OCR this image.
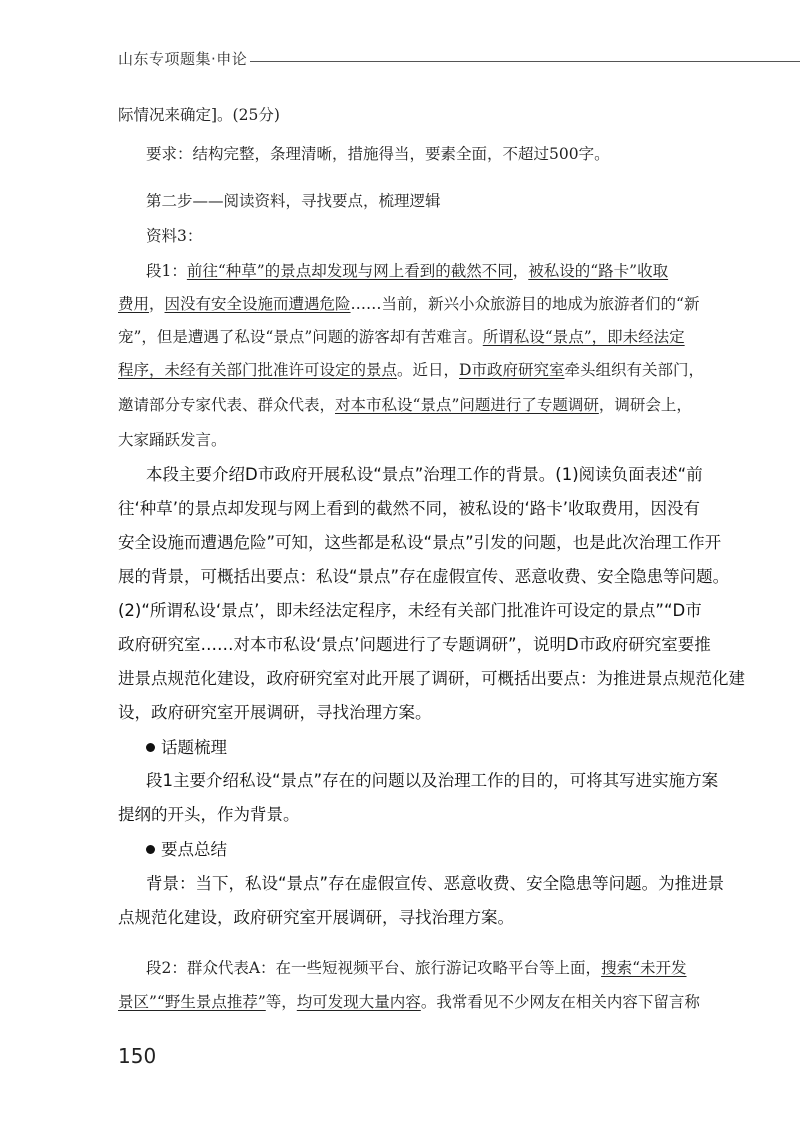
山东专项题集·申论
际情况来确定]。(25分)
要求：结构完整，条理清晰，措施得当，要素全面，不超过500字。
第二步——阅读资料，寻找要点，梳理逻辑
资料3：
段1：前往“种草”的景点却发现与网上看到的截然不同，被私设的“路卡”收取
费用，因没有安全设施而遭遇危险……当前，新兴小众旅游目的地成为旅游者们的“新
宠”，但是遭遇了私设“景点”问题的游客却有苦难言。所谓私设“景点”，即未经法定
程序，未经有关部门批准许可设定的景点。近日，D市政府研究室牵头组织有关部门，
邀请部分专家代表、群众代表，对本市私设“景点”问题进行了专题调研，调研会上，
大家踊跃发言。
本段主要介绍D市政府开展私设“景点”治理工作的背景。(1)阅读负面表述“前
往‘种草’的景点却发现与网上看到的截然不同，被私设的‘路卡’收取费用，因没有
安全设施而遭遇危险”可知，这些都是私设“景点”引发的问题，也是此次治理工作开
展的背景，可概括出要点：私设“景点”存在虚假宣传、恶意收费、安全隐患等问题。
(2)“所谓私设‘景点’，即未经法定程序，未经有关部门批准许可设定的景点”“D市
政府研究室……对本市私设‘景点’问题进行了专题调研”，说明D市政府研究室要推
进景点规范化建设，政府研究室对此开展了调研，可概括出要点：为推进景点规范化建
设，政府研究室开展调研，寻找治理方案。
话题梳理
段1主要介绍私设“景点”存在的问题以及治理工作的目的，可将其写进实施方案
提纲的开头，作为背景。
要点总结
背景：当下，私设“景点”存在虚假宣传、恶意收费、安全隐患等问题。为推进景
点规范化建设，政府研究室开展调研，寻找治理方案。
段2：群众代表A：在一些短视频平台、旅行游记攻略平台等上面，搜索“未开发
景区”“野生景点推荐”等，均可发现大量内容。我常看见不少网友在相关内容下留言称
150
